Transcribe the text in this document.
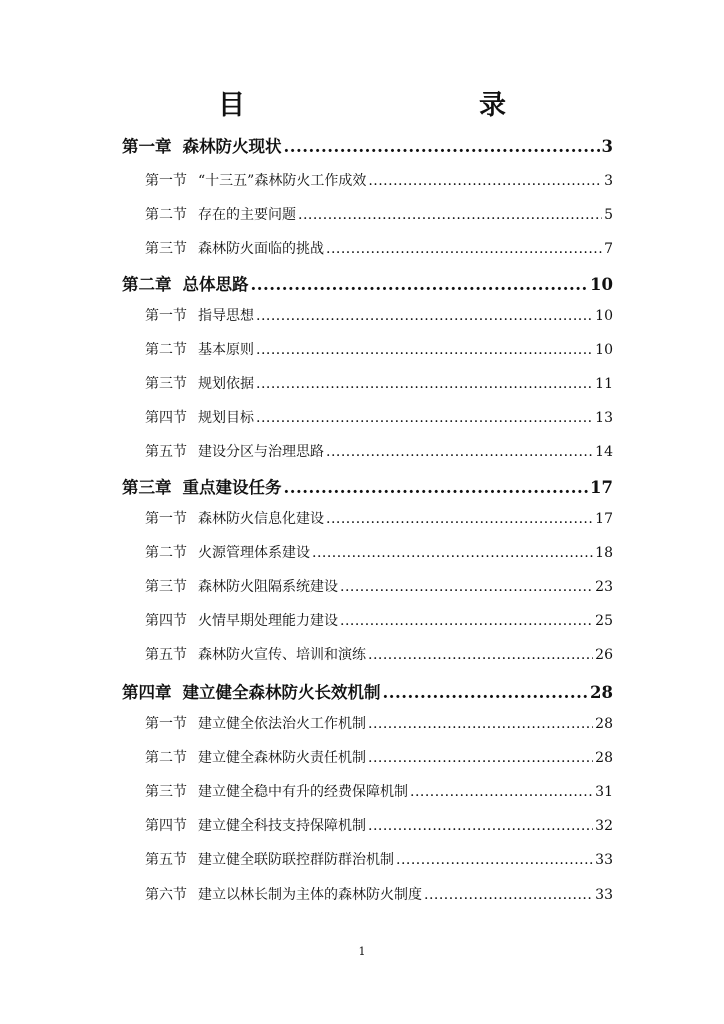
目　　录
第一章 森林防火现状 .....	3
第一节 “十三五”森林防火工作成效 .....	3
第二节 存在的主要问题 .....	5
第三节 森林防火面临的挑战 .....	7
第二章 总体思路 .....	10
第一节 指导思想 .....	10
第二节 基本原则 .....	10
第三节 规划依据 .....	11
第四节 规划目标 .....	13
第五节 建设分区与治理思路 .....	14
第三章 重点建设任务 .....	17
第一节 森林防火信息化建设 .....	17
第二节 火源管理体系建设 .....	18
第三节 森林防火阻隔系统建设 .....	23
第四节 火情早期处理能力建设 .....	25
第五节 森林防火宣传、培训和演练 .....	26
第四章 建立健全森林防火长效机制 .....	28
第一节 建立健全依法治火工作机制 .....	28
第二节 建立健全森林防火责任机制 .....	28
第三节 建立健全稳中有升的经费保障机制 .....	31
第四节 建立健全科技支持保障机制 .....	32
第五节 建立健全联防联控群防群治机制 .....	33
第六节 建立以林长制为主体的森林防火制度 .....	33
1
